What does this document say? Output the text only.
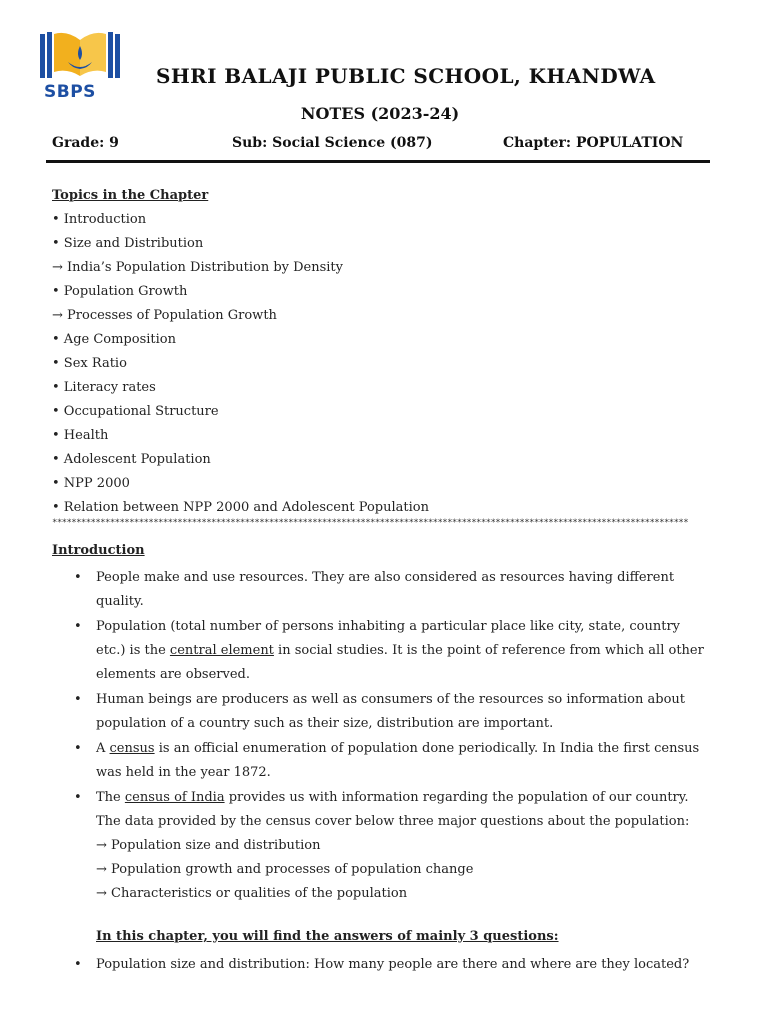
SBPS
SHRI BALAJI PUBLIC SCHOOL, KHANDWA
NOTES (2023-24)
Grade: 9	Sub: Social Science (087)	Chapter: POPULATION
Topics in the Chapter
• Introduction
• Size and Distribution
→ India’s Population Distribution by Density
• Population Growth
→ Processes of Population Growth
• Age Composition
• Sex Ratio
• Literacy rates
• Occupational Structure
• Health
• Adolescent Population
• NPP 2000
• Relation between NPP 2000 and Adolescent Population
************************************************************************************************************************************
Introduction
• People make and use resources. They are also considered as resources having different quality.
• Population (total number of persons inhabiting a particular place like city, state, country etc.) is the central element in social studies. It is the point of reference from which all other elements are observed.
• Human beings are producers as well as consumers of the resources so information about population of a country such as their size, distribution are important.
• A census is an official enumeration of population done periodically. In India the first census was held in the year 1872.
• The census of India provides us with information regarding the population of our country. The data provided by the census cover below three major questions about the population:
→ Population size and distribution
→ Population growth and processes of population change
→ Characteristics or qualities of the population
In this chapter, you will find the answers of mainly 3 questions:
• Population size and distribution: How many people are there and where are they located?
